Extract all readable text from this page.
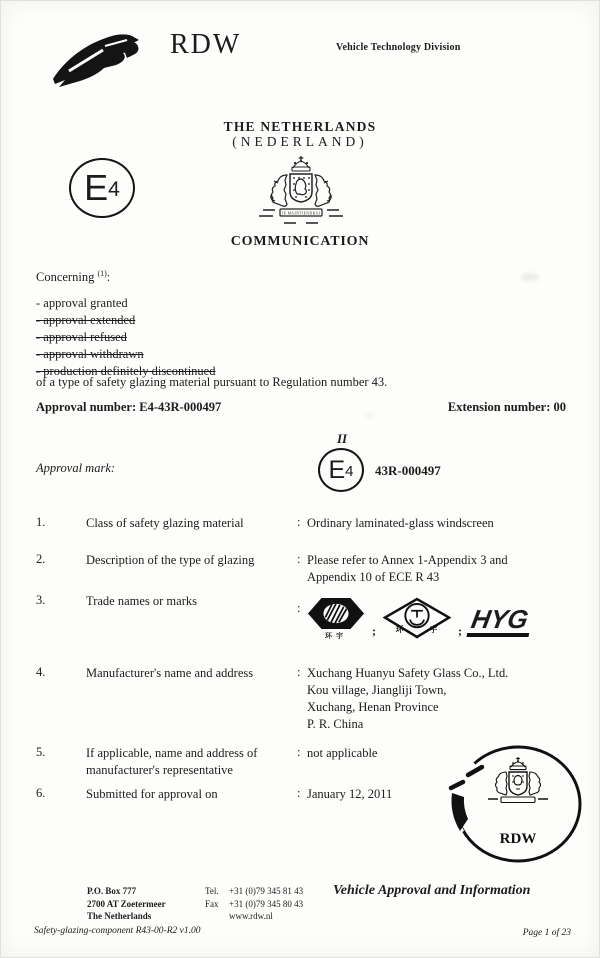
RDW	Vehicle Technology Division
THE NETHERLANDS
(NEDERLAND)
E 4
JE MAINTIENDRAI
COMMUNICATION
Concerning $^{(1)}$:
- approval granted
- approval extended
- approval refused
- approval withdrawn
- production definitely discontinued
of a type of safety glazing material pursuant to Regulation number 43.
Approval number: E4-43R-000497	Extension number: 00
Approval mark:
II
E 4 43R-000497
1.	Class of safety glazing material	: Ordinary laminated-glass windscreen
2.	Description of the type of glazing	: Please refer to Annex 1-Appendix 3 and
Appendix 10 of ECE R 43
3.	Trade names or marks	:
环宇 ; 环	宇 ; HYG
4.	Manufacturer's name and address	: Xuchang Huanyu Safety Glass Co., Ltd.
Kou village, Jiangliji Town,
Xuchang, Henan Province
P. R. China
5.	If applicable, name and address of manufacturer's representative
: not applicable
6.	Submitted for approval on	: January 12, 2011
RDW
P.O. Box 777
2700 AT Zoetermeer
The Netherlands
Tel. +31 (0)79 345 81 43
Fax +31 (0)79 345 80 43
www.rdw.nl
Vehicle Approval and Information
Safety-glazing-component R43-00-R2 v1.00	Page 1 of 23
